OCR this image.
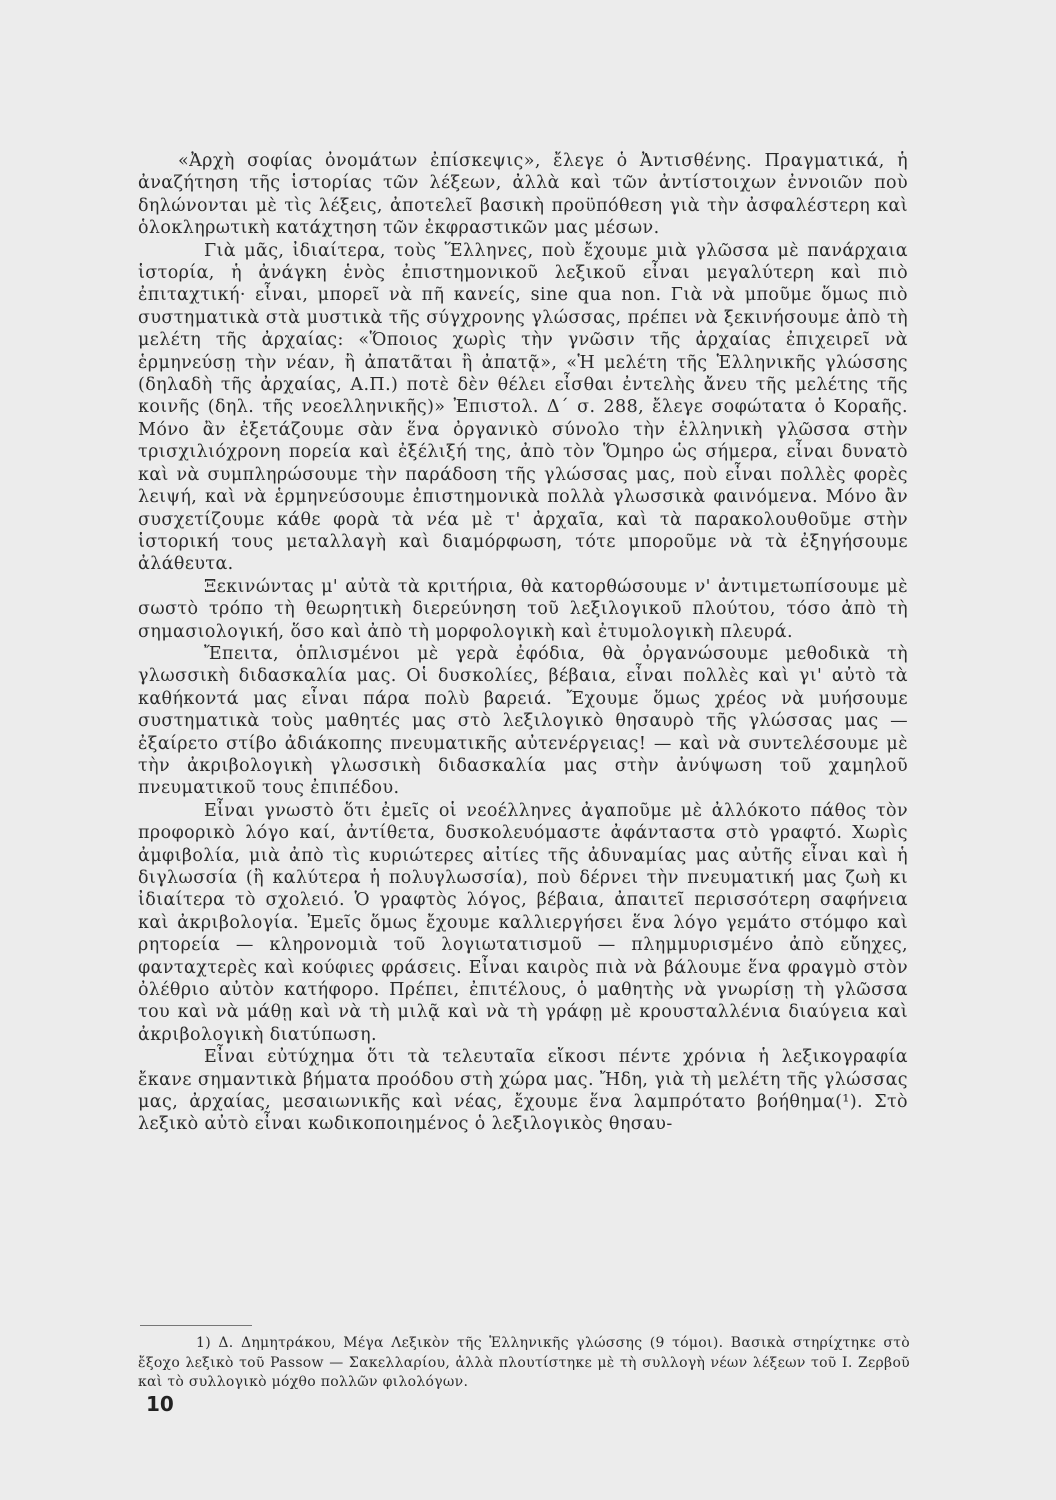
«Ἀρχὴ σοφίας ὀνομάτων ἐπίσκεψις», ἔλεγε ὁ Ἀντισθένης. Πραγματικά, ἡ ἀναζήτηση τῆς ἱστορίας τῶν λέξεων, ἀλλὰ καὶ τῶν ἀντίστοιχων ἐννοιῶν ποὺ δηλώνονται μὲ τὶς λέξεις, ἀποτελεῖ βασικὴ προϋπόθεση γιὰ τὴν ἀσφαλέστερη καὶ ὁλοκληρωτικὴ κατάχτηση τῶν ἐκφραστικῶν μας μέσων.

Γιὰ μᾶς, ἰδιαίτερα, τοὺς Ἕλληνες, ποὺ ἔχουμε μιὰ γλῶσσα μὲ πανάρχαια ἱστορία, ἡ ἀνάγκη ἑνὸς ἐπιστημονικοῦ λεξικοῦ εἶναι μεγαλύτερη καὶ πιὸ ἐπιταχτική· εἶναι, μπορεῖ νὰ πῆ κανείς, sine qua non. Γιὰ νὰ μποῦμε ὅμως πιὸ συστηματικὰ στὰ μυστικὰ τῆς σύγχρονης γλώσσας, πρέπει νὰ ξεκινήσουμε ἀπὸ τὴ μελέτη τῆς ἀρχαίας: «Ὅποιος χωρὶς τὴν γνῶσιν τῆς ἀρχαίας ἐπιχειρεῖ νὰ ἑρμηνεύσῃ τὴν νέαν, ἢ ἀπατᾶται ἢ ἀπατᾷ», «Ἡ μελέτη τῆς Ἑλληνικῆς γλώσσης (δηλαδὴ τῆς ἀρχαίας, Α.Π.) ποτὲ δὲν θέλει εἶσθαι ἐντελὴς ἄνευ τῆς μελέτης τῆς κοινῆς (δηλ. τῆς νεοελληνικῆς)» Ἐπιστολ. Δ΄ σ. 288, ἔλεγε σοφώτατα ὁ Κοραῆς. Μόνο ἂν ἐξετάζουμε σὰν ἕνα ὀργανικὸ σύνολο τὴν ἑλληνικὴ γλῶσσα στὴν τρισχιλιόχρονη πορεία καὶ ἐξέλιξή της, ἀπὸ τὸν Ὅμηρο ὡς σήμερα, εἶναι δυνατὸ καὶ νὰ συμπληρώσουμε τὴν παράδοση τῆς γλώσσας μας, ποὺ εἶναι πολλὲς φορὲς λειψή, καὶ νὰ ἑρμηνεύσουμε ἐπιστημονικὰ πολλὰ γλωσσικὰ φαινόμενα. Μόνο ἂν συσχετίζουμε κάθε φορὰ τὰ νέα μὲ τ' ἀρχαῖα, καὶ τὰ παρακολουθοῦμε στὴν ἱστορική τους μεταλλαγὴ καὶ διαμόρφωση, τότε μποροῦμε νὰ τὰ ἐξηγήσουμε ἀλάθευτα.

Ξεκινώντας μ' αὐτὰ τὰ κριτήρια, θὰ κατορθώσουμε ν' ἀντιμετωπίσουμε μὲ σωστὸ τρόπο τὴ θεωρητικὴ διερεύνηση τοῦ λεξιλογικοῦ πλούτου, τόσο ἀπὸ τὴ σημασιολογική, ὅσο καὶ ἀπὸ τὴ μορφολογικὴ καὶ ἐτυμολογικὴ πλευρά.

Ἔπειτα, ὁπλισμένοι μὲ γερὰ ἐφόδια, θὰ ὀργανώσουμε μεθοδικὰ τὴ γλωσσικὴ διδασκαλία μας. Οἱ δυσκολίες, βέβαια, εἶναι πολλὲς καὶ γι' αὐτὸ τὰ καθήκοντά μας εἶναι πάρα πολὺ βαρειά. Ἔχουμε ὅμως χρέος νὰ μυήσουμε συστηματικὰ τοὺς μαθητές μας στὸ λεξιλογικὸ θησαυρὸ τῆς γλώσσας μας — ἐξαίρετο στίβο ἀδιάκοπης πνευματικῆς αὐτενέργειας! — καὶ νὰ συντελέσουμε μὲ τὴν ἀκριβολογικὴ γλωσσικὴ διδασκαλία μας στὴν ἀνύψωση τοῦ χαμηλοῦ πνευματικοῦ τους ἐπιπέδου.

Εἶναι γνωστὸ ὅτι ἐμεῖς οἱ νεοέλληνες ἀγαποῦμε μὲ ἀλλόκοτο πάθος τὸν προφορικὸ λόγο καί, ἀντίθετα, δυσκολευόμαστε ἀφάνταστα στὸ γραφτό. Χωρὶς ἀμφιβολία, μιὰ ἀπὸ τὶς κυριώτερες αἰτίες τῆς ἀδυναμίας μας αὐτῆς εἶναι καὶ ἡ διγλωσσία (ἢ καλύτερα ἡ πολυγλωσσία), ποὺ δέρνει τὴν πνευματική μας ζωὴ κι ἰδιαίτερα τὸ σχολειό. Ὁ γραφτὸς λόγος, βέβαια, ἀπαιτεῖ περισσότερη σαφήνεια καὶ ἀκριβολογία. Ἐμεῖς ὅμως ἔχουμε καλλιεργήσει ἕνα λόγο γεμάτο στόμφο καὶ ρητορεία — κληρονομιὰ τοῦ λογιωτατισμοῦ — πλημμυρισμένο ἀπὸ εὔηχες, φανταχτερὲς καὶ κούφιες φράσεις. Εἶναι καιρὸς πιὰ νὰ βάλουμε ἕνα φραγμὸ στὸν ὀλέθριο αὐτὸν κατήφορο. Πρέπει, ἐπιτέλους, ὁ μαθητὴς νὰ γνωρίσῃ τὴ γλῶσσα του καὶ νὰ μάθῃ καὶ νὰ τὴ μιλᾷ καὶ νὰ τὴ γράφῃ μὲ κρουσταλλένια διαύγεια καὶ ἀκριβολογικὴ διατύπωση.

Εἶναι εὐτύχημα ὅτι τὰ τελευταῖα εἴκοσι πέντε χρόνια ἡ λεξικογραφία ἔκανε σημαντικὰ βήματα προόδου στὴ χώρα μας. Ἤδη, γιὰ τὴ μελέτη τῆς γλώσσας μας, ἀρχαίας, μεσαιωνικῆς καὶ νέας, ἔχουμε ἕνα λαμπρότατο βοήθημα(¹). Στὸ λεξικὸ αὐτὸ εἶναι κωδικοποιημένος ὁ λεξιλογικὸς θησαυ-

1) Δ. Δημητράκου, Μέγα Λεξικὸν τῆς Ἑλληνικῆς γλώσσης (9 τόμοι). Βασικὰ στηρίχτηκε στὸ ἔξοχο λεξικὸ τοῦ Passow — Σακελλαρίου, ἀλλὰ πλουτίστηκε μὲ τὴ συλλογὴ νέων λέξεων τοῦ Ι. Ζερβοῦ καὶ τὸ συλλογικὸ μόχθο πολλῶν φιλολόγων.

10
